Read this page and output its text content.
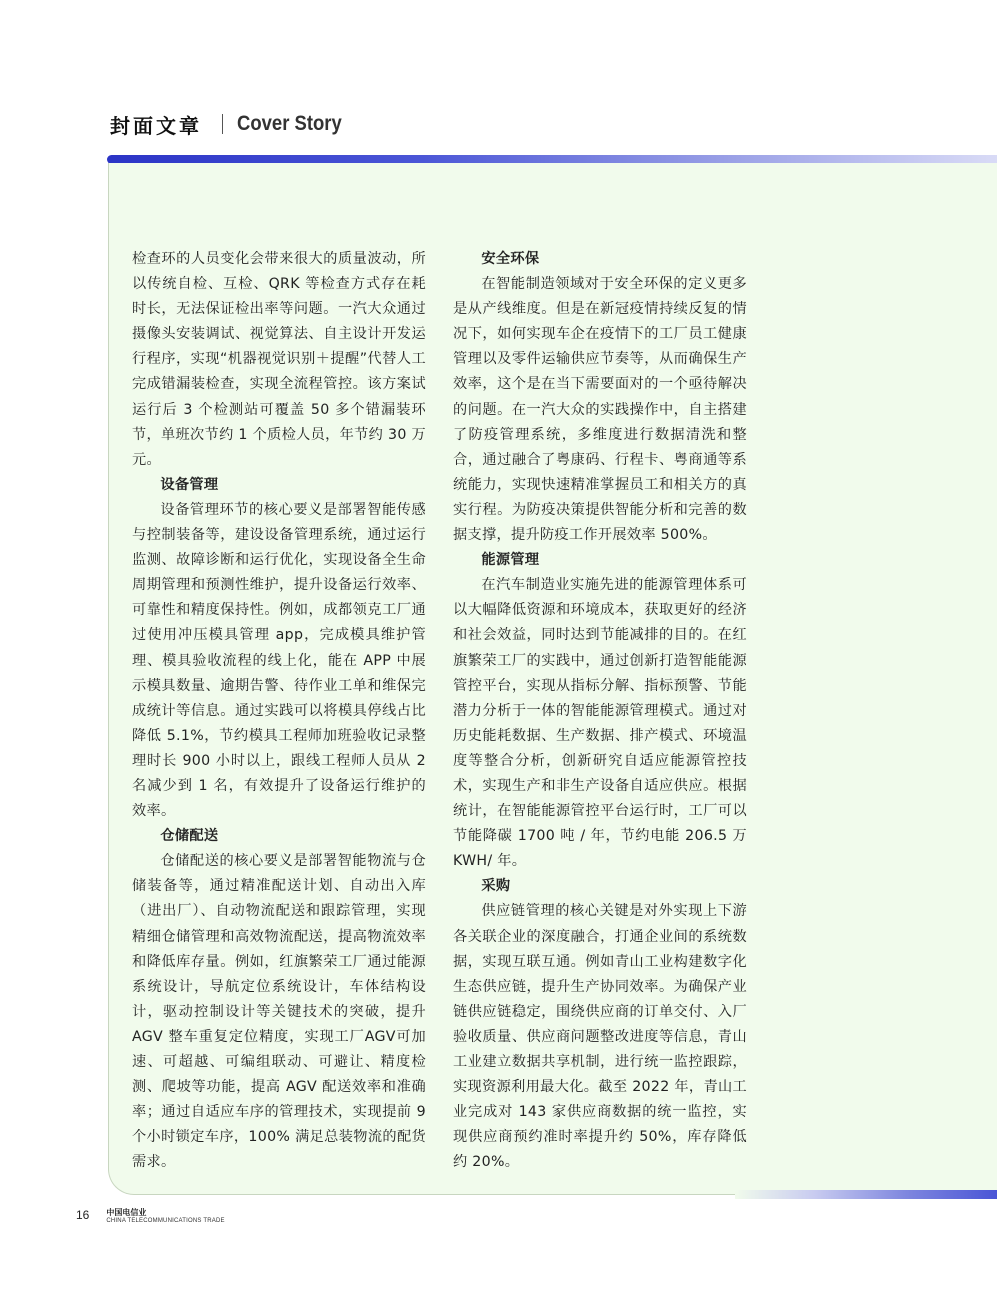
封面文章 Cover Story

检查环的人员变化会带来很大的质量波动，所以传统自检、互检、QRK 等检查方式存在耗时长，无法保证检出率等问题。一汽大众通过摄像头安装调试、视觉算法、自主设计开发运行程序，实现“机器视觉识别＋提醒”代替人工完成错漏装检查，实现全流程管控。该方案试运行后 3 个检测站可覆盖 50 多个错漏装环节，单班次节约 1 个质检人员，年节约 30 万元。

设备管理

设备管理环节的核心要义是部署智能传感与控制装备等，建设设备管理系统，通过运行监测、故障诊断和运行优化，实现设备全生命周期管理和预测性维护，提升设备运行效率、可靠性和精度保持性。例如，成都领克工厂通过使用冲压模具管理 app，完成模具维护管理、模具验收流程的线上化，能在 APP 中展示模具数量、逾期告警、待作业工单和维保完成统计等信息。通过实践可以将模具停线占比降低 5.1%，节约模具工程师加班验收记录整理时长 900 小时以上，跟线工程师人员从 2 名减少到 1 名，有效提升了设备运行维护的效率。

仓储配送

仓储配送的核心要义是部署智能物流与仓储装备等，通过精准配送计划、自动出入库（进出厂）、自动物流配送和跟踪管理，实现精细仓储管理和高效物流配送，提高物流效率和降低库存量。例如，红旗繁荣工厂通过能源系统设计，导航定位系统设计，车体结构设计，驱动控制设计等关键技术的突破，提升 AGV 整车重复定位精度，实现工厂AGV可加速、可超越、可编组联动、可避让、精度检测、爬坡等功能，提高 AGV 配送效率和准确率；通过自适应车序的管理技术，实现提前 9 个小时锁定车序，100% 满足总装物流的配货需求。

安全环保

在智能制造领域对于安全环保的定义更多是从产线维度。但是在新冠疫情持续反复的情况下，如何实现车企在疫情下的工厂员工健康管理以及零件运输供应节奏等，从而确保生产效率，这个是在当下需要面对的一个亟待解决的问题。在一汽大众的实践操作中，自主搭建了防疫管理系统，多维度进行数据清洗和整合，通过融合了粤康码、行程卡、粤商通等系统能力，实现快速精准掌握员工和相关方的真实行程。为防疫决策提供智能分析和完善的数据支撑，提升防疫工作开展效率 500%。

能源管理

在汽车制造业实施先进的能源管理体系可以大幅降低资源和环境成本，获取更好的经济和社会效益，同时达到节能减排的目的。在红旗繁荣工厂的实践中，通过创新打造智能能源管控平台，实现从指标分解、指标预警、节能潜力分析于一体的智能能源管理模式。通过对历史能耗数据、生产数据、排产模式、环境温度等整合分析，创新研究自适应能源管控技术，实现生产和非生产设备自适应供应。根据统计，在智能能源管控平台运行时，工厂可以节能降碳 1700 吨 / 年，节约电能 206.5 万 KWH/ 年。

采购

供应链管理的核心关键是对外实现上下游各关联企业的深度融合，打通企业间的系统数据，实现互联互通。例如青山工业构建数字化生态供应链，提升生产协同效率。为确保产业链供应链稳定，围绕供应商的订单交付、入厂验收质量、供应商问题整改进度等信息，青山工业建立数据共享机制，进行统一监控跟踪，实现资源利用最大化。截至 2022 年，青山工业完成对 143 家供应商数据的统一监控，实现供应商预约准时率提升约 50%，库存降低约 20%。

16 中国电信业
CHINA TELECOMMUNICATIONS TRADE
